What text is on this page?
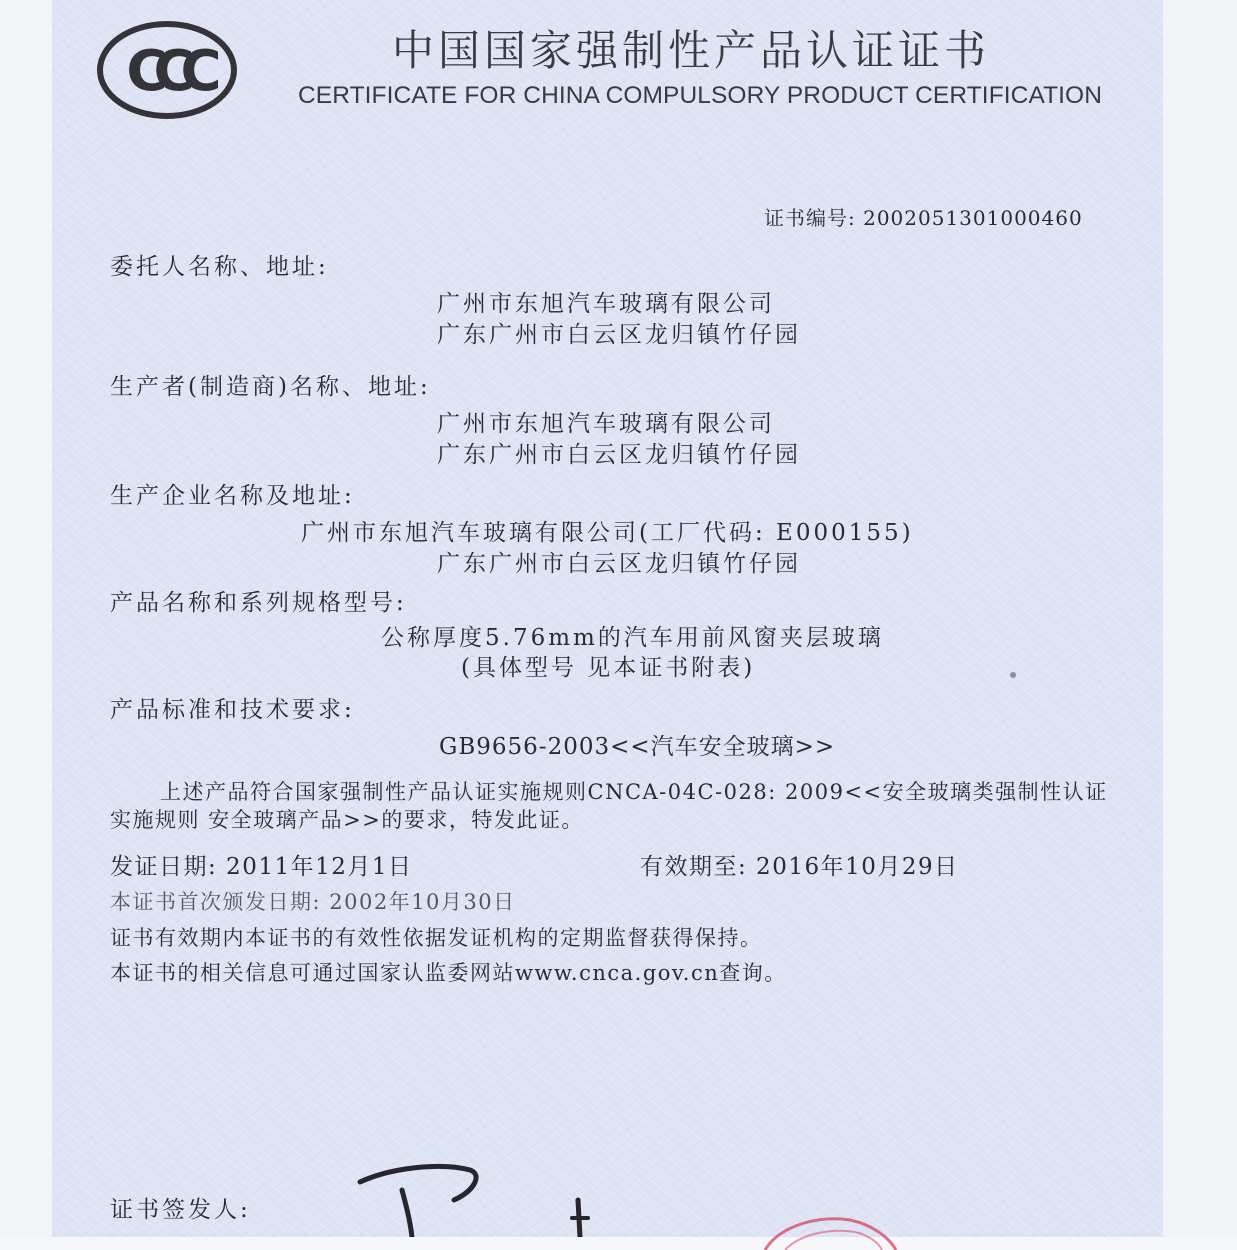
CCC	中国国家强制性产品认证证书
CERTIFICATE FOR CHINA COMPULSORY PRODUCT CERTIFICATION
证书编号: 2002051301000460
委托人名称、地址:
广州市东旭汽车玻璃有限公司
广东广州市白云区龙归镇竹仔园
生产者(制造商)名称、地址:
广州市东旭汽车玻璃有限公司
广东广州市白云区龙归镇竹仔园
生产企业名称及地址:
广州市东旭汽车玻璃有限公司(工厂代码: E000155)
广东广州市白云区龙归镇竹仔园
产品名称和系列规格型号:
公称厚度5.76mm的汽车用前风窗夹层玻璃
(具体型号 见本证书附表)
产品标准和技术要求:
GB9656-2003<<汽车安全玻璃>>
上述产品符合国家强制性产品认证实施规则CNCA-04C-028: 2009<<安全玻璃类强制性认证
实施规则 安全玻璃产品>>的要求，特发此证。
发证日期: 2011年12月1日	有效期至: 2016年10月29日
本证书首次颁发日期: 2002年10月30日
证书有效期内本证书的有效性依据发证机构的定期监督获得保持。
本证书的相关信息可通过国家认监委网站www.cnca.gov.cn查询。
证书签发人:
